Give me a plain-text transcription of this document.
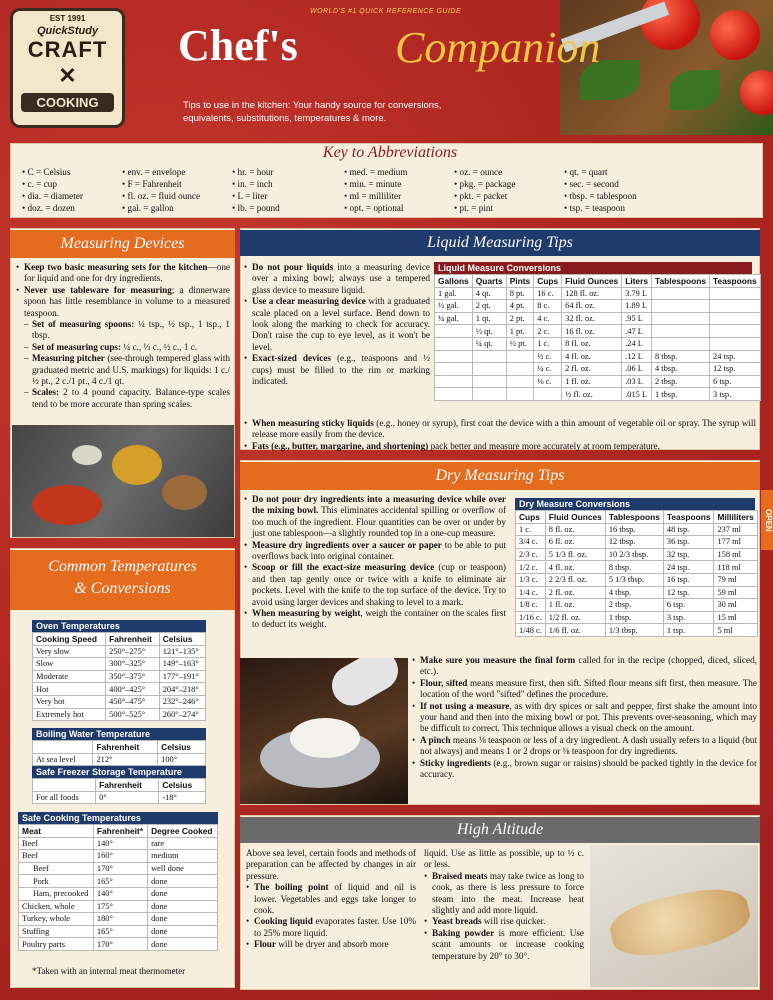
EST 1991
QuickStudy
CRAFT
✕
COOKING
WORLD'S #1 QUICK REFERENCE GUIDE
Chef's Companion
Tips to use in the kitchen: Your handy source for conversions, equivalents, substitutions, temperatures & more.
Key to Abbreviations
• C = Celsius	• env. = envelope	• hr. = hour	• med. = medium	• oz. = ounce	• qt. = quart
• c. = cup	• F = Fahrenheit	• in. = inch	• min. = minute	• pkg. = package	• sec. = second
• dia. = diameter	• fl. oz. = fluid ounce	• L = liter	• ml = milliliter	• pkt. = packet	• tbsp. = tablespoon
• doz. = dozen	• gal. = gallon	• lb. = pound	• opt. = optional	• pt. = pint	• tsp. = teaspoon
Measuring Devices
• Keep two basic measuring sets for the kitchen—one for liquid and one for dry ingredients.
• Never use tableware for measuring; a dinnerware spoon has little resemblance in volume to a measured teaspoon.
– Set of measuring spoons: ¼ tsp., ½ tsp., 1 tsp., 1 tbsp.
– Set of measuring cups: ¼ c., ⅓ c., ½ c., 1 c.
– Measuring pitcher (see-through tempered glass with graduated metric and U.S. markings) for liquids: 1 c./½ pt., 2 c./1 pt., 4 c./1 qt.
– Scales: 2 to 4 pound capacity. Balance-type scales tend to be more accurate than spring scales.
Common Temperatures
& Conversions
Oven Temperatures
Cooking Speed	Fahrenheit	Celsius
Very slow	250°–275°	121°–135°
Slow	300°–325°	149°–163°
Moderate	350°–375°	177°–191°
Hot	400°–425°	204°–218°
Very hot	450°–475°	232°–246°
Extremely hot	500°–525°	260°–274°
Boiling Water Temperature
	Fahrenheit	Celsius
At sea level	212°	100°
Safe Freezer Storage Temperature
	Fahrenheit	Celsius
For all foods	0°	-18°
Safe Cooking Temperatures
Meat	Fahrenheit*	Degree Cooked
Beef	140°	rare
Beef	160°	medium
Beef	170°	well done
Pork	165°	done
Ham, precooked	140°	done
Chicken, whole	175°	done
Turkey, whole	180°	done
Stuffing	165°	done
Poultry parts	170°	done
*Taken with an internal meat thermometer
Liquid Measuring Tips
• Do not pour liquids into a measuring device over a mixing bowl; always use a tempered glass device to measure liquid.
• Use a clear measuring device with a graduated scale placed on a level surface. Bend down to look along the marking to check for accuracy. Don't raise the cup to eye level, as it won't be level.
• Exact-sized devices (e.g., teaspoons and ½ cups) must be filled to the rim or marking indicated.
• When measuring sticky liquids (e.g., honey or syrup), first coat the device with a thin amount of vegetable oil or spray. The syrup will release more easily from the device.
• Fats (e.g., butter, margarine, and shortening) pack better and measure more accurately at room temperature.
Liquid Measure Conversions
Gallons	Quarts	Pints	Cups	Fluid Ounces	Liters	Tablespoons	Teaspoons
1 gal.	4 qt.	8 pt.	16 c.	128 fl. oz.	3.79 L		
½ gal.	2 qt.	4 pt.	8 c.	64 fl. oz.	1.89 L		
¼ gal.	1 qt.	2 pt.	4 c.	32 fl. oz.	.95 L		
	½ qt.	1 pt.	2 c.	16 fl. oz.	.47 L		
	¼ qt.	½ pt.	1 c.	8 fl. oz.	.24 L		
			½ c.	4 fl. oz.	.12 L	8 tbsp.	24 tsp.
			¼ c.	2 fl. oz.	.06 L	4 tbsp.	12 tsp.
			⅛ c.	1 fl. oz.	.03 L	2 tbsp.	6 tsp.
				½ fl. oz.	.015 L	1 tbsp.	3 tsp.
Dry Measuring Tips
• Do not pour dry ingredients into a measuring device while over the mixing bowl. This eliminates accidental spilling or overflow of too much of the ingredient. Flour quantities can be over or under by just one tablespoon—a slightly rounded top in a one-cup measure.
• Measure dry ingredients over a saucer or paper to be able to put overflows back into original container.
• Scoop or fill the exact-size measuring device (cup or teaspoon) and then tap gently once or twice with a knife to eliminate air pockets. Level with the knife to the top surface of the device. Try to avoid using larger devices and shaking to level to a mark.
• When measuring by weight, weigh the container on the scales first to deduct its weight.
Dry Measure Conversions
Cups	Fluid Ounces	Tablespoons	Teaspoons	Milliliters
1 c.	8 fl. oz.	16 tbsp.	48 tsp.	237 ml
3/4 c.	6 fl. oz.	12 tbsp.	36 tsp.	177 ml
2/3 c.	5 1/3 fl. oz.	10 2/3 tbsp.	32 tsp.	158 ml
1/2 c.	4 fl. oz.	8 tbsp.	24 tsp.	118 ml
1/3 c.	2 2/3 fl. oz.	5 1/3 tbsp.	16 tsp.	79 ml
1/4 c.	2 fl. oz.	4 tbsp.	12 tsp.	59 ml
1/8 c.	1 fl. oz.	2 tbsp.	6 tsp.	30 ml
1/16 c.	1/2 fl. oz.	1 tbsp.	3 tsp.	15 ml
1/48 c.	1/6 fl. oz.	1/3 tbsp.	1 tsp.	5 ml
• Make sure you measure the final form called for in the recipe (chopped, diced, sliced, etc.).
• Flour, sifted means measure first, then sift. Sifted flour means sift first, then measure. The location of the word "sifted" defines the procedure.
• If not using a measure, as with dry spices or salt and pepper, first shake the amount into your hand and then into the mixing bowl or pot. This prevents over-seasoning, which may be difficult to correct. This technique allows a visual check on the amount.
• A pinch means ⅛ teaspoon or less of a dry ingredient. A dash usually refers to a liquid (but not always) and means 1 or 2 drops or ⅛ teaspoon for dry ingredients.
• Sticky ingredients (e.g., brown sugar or raisins) should be packed tightly in the device for accuracy.
High Altitude

Above sea level, certain foods and methods of preparation can be affected by changes in air pressure.

• The boiling point of liquid and oil is lower. Vegetables and eggs take longer to cook.
• Cooking liquid evaporates faster. Use 10% to 25% more liquid.
• Flour will be dryer and absorb more

liquid. Use as little as possible, up to ½ c. or less.

• Braised meats may take twice as long to cook, as there is less pressure to force steam into the meat. Increase heat slightly and add more liquid.
• Yeast breads will rise quicker.
• Baking powder is more efficient. Use scant amounts or increase cooking temperature by 20° to 30°.
OPEN
